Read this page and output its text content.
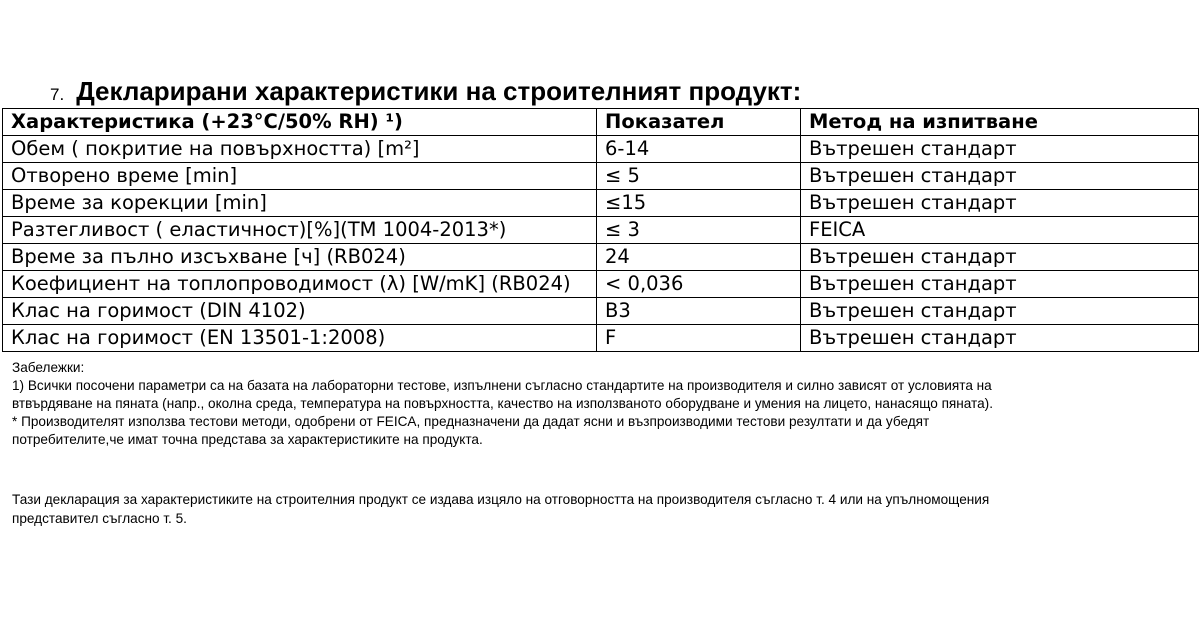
7. Декларирани характеристики на строителният продукт:
Характеристика (+23°C/50% RH) ¹)	Показател	Метод на изпитване
Обем ( покритие на повърхността) [m²]	6-14	Вътрешен стандарт
Отворено време [min]	≤ 5	Вътрешен стандарт
Време за корекции [min]	≤15	Вътрешен стандарт
Разтегливост ( еластичност)[%](TM 1004-2013*)	≤ 3	FEICA
Време за пълно изсъхване [ч] (RB024)	24	Вътрешен стандарт
Коефициент на топлопроводимост (λ) [W/mK] (RB024)	< 0,036	Вътрешен стандарт
Клас на горимост (DIN 4102)	B3	Вътрешен стандарт
Клас на горимост (EN 13501-1:2008)	F	Вътрешен стандарт
Забележки:
1) Всички посочени параметри са на базата на лабораторни тестове, изпълнени съгласно стандартите на производителя и силно зависят от условията на
втвърдяване на пяната (напр., околна среда, температура на повърхността, качество на използваното оборудване и умения на лицето, нанасящо пяната).
* Производителят използва тестови методи, одобрени от FEICA, предназначени да дадат ясни и възпроизводими тестови резултати и да убедят
потребителите,че имат точна представа за характеристиките на продукта.
Тази декларация за характеристиките на строителния продукт се издава изцяло на отговорността на производителя съгласно т. 4 или на упълномощения
представител съгласно т. 5.
